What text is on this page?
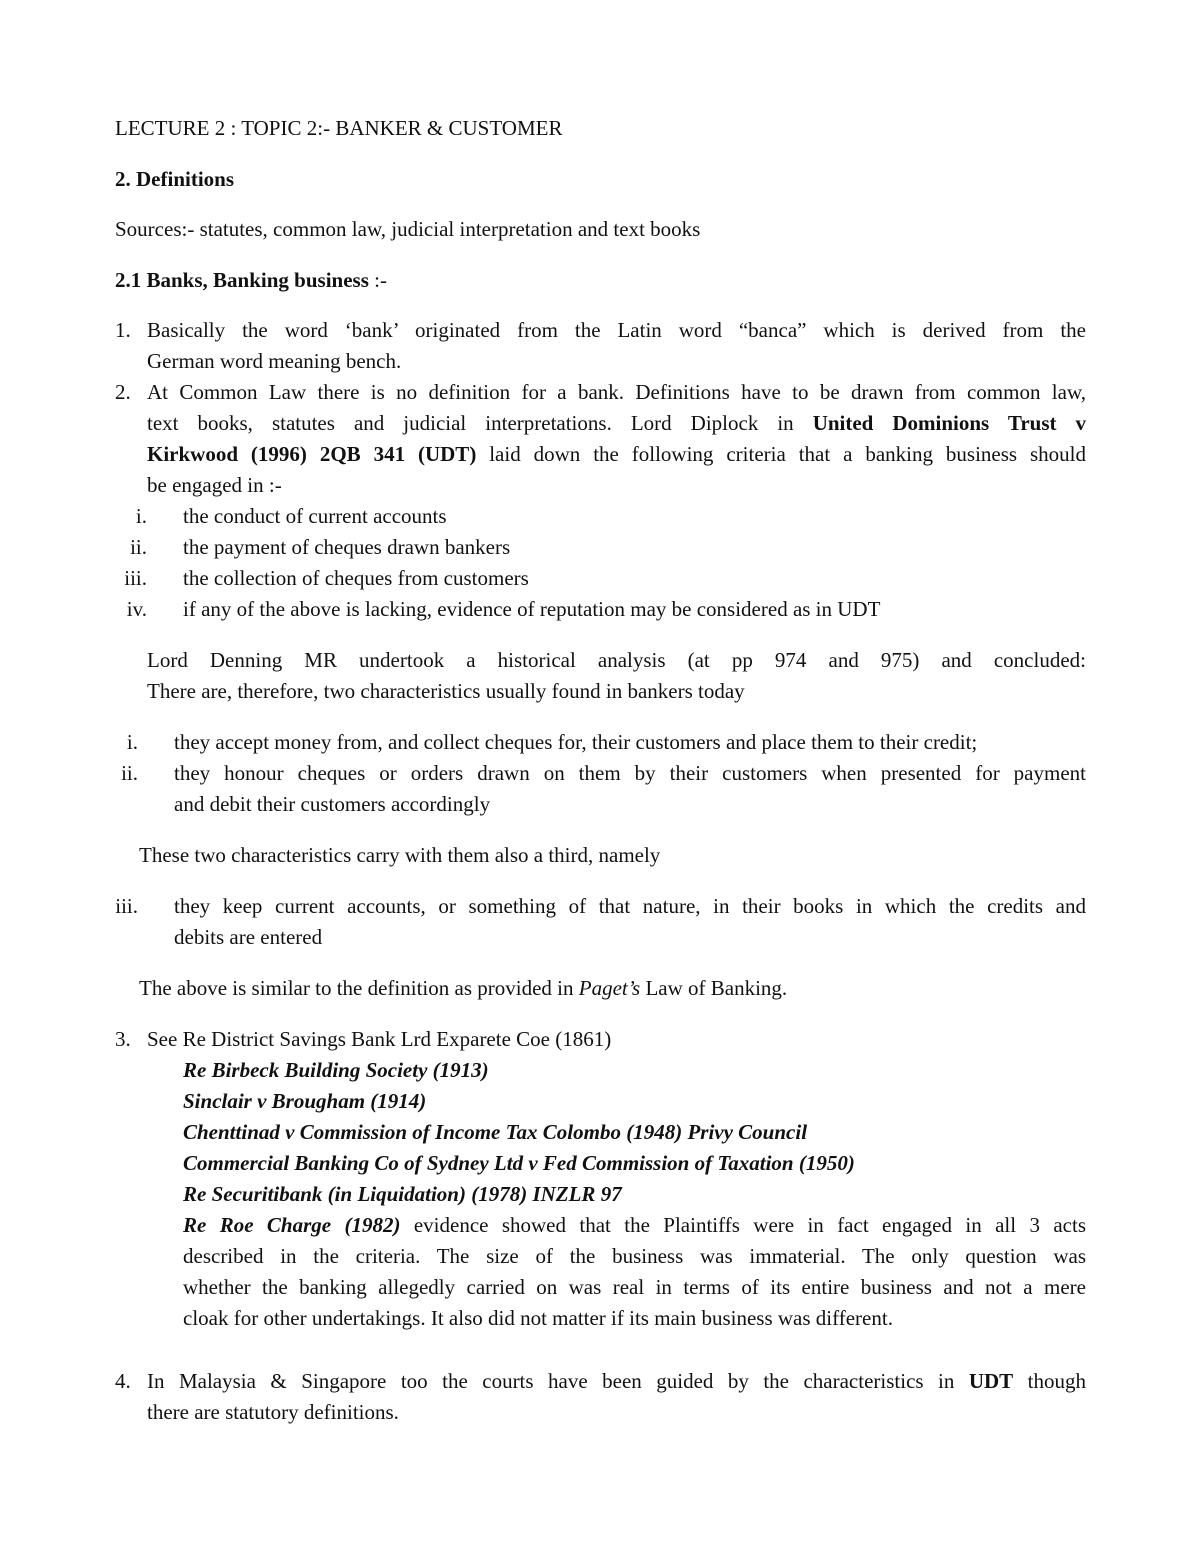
LECTURE 2 : TOPIC 2:- BANKER & CUSTOMER
2. Definitions
Sources:- statutes, common law, judicial interpretation and text books
2.1 Banks, Banking business :-
1. Basically the word ‘bank’ originated from the Latin word “banca” which is derived from the
German word meaning bench.
2. At Common Law there is no definition for a bank. Definitions have to be drawn from common law,
text books, statutes and judicial interpretations. Lord Diplock in United Dominions Trust v
Kirkwood (1996) 2QB 341 (UDT) laid down the following criteria that a banking business should
be engaged in :-
i. the conduct of current accounts
ii. the payment of cheques drawn bankers
iii. the collection of cheques from customers
iv. if any of the above is lacking, evidence of reputation may be considered as in UDT
Lord Denning MR undertook a historical analysis (at pp 974 and 975) and concluded:
There are, therefore, two characteristics usually found in bankers today
i. they accept money from, and collect cheques for, their customers and place them to their credit;
ii. they honour cheques or orders drawn on them by their customers when presented for payment
and debit their customers accordingly
These two characteristics carry with them also a third, namely
iii. they keep current accounts, or something of that nature, in their books in which the credits and
debits are entered
The above is similar to the definition as provided in Paget’s Law of Banking.
3. See Re District Savings Bank Lrd Exparete Coe (1861)
Re Birbeck Building Society (1913)
Sinclair v Brougham (1914)
Chenttinad v Commission of Income Tax Colombo (1948) Privy Council
Commercial Banking Co of Sydney Ltd v Fed Commission of Taxation (1950)
Re Securitibank (in Liquidation) (1978) INZLR 97
Re Roe Charge (1982) evidence showed that the Plaintiffs were in fact engaged in all 3 acts
described in the criteria. The size of the business was immaterial. The only question was
whether the banking allegedly carried on was real in terms of its entire business and not a mere
cloak for other undertakings. It also did not matter if its main business was different.
4. In Malaysia & Singapore too the courts have been guided by the characteristics in UDT though
there are statutory definitions.
